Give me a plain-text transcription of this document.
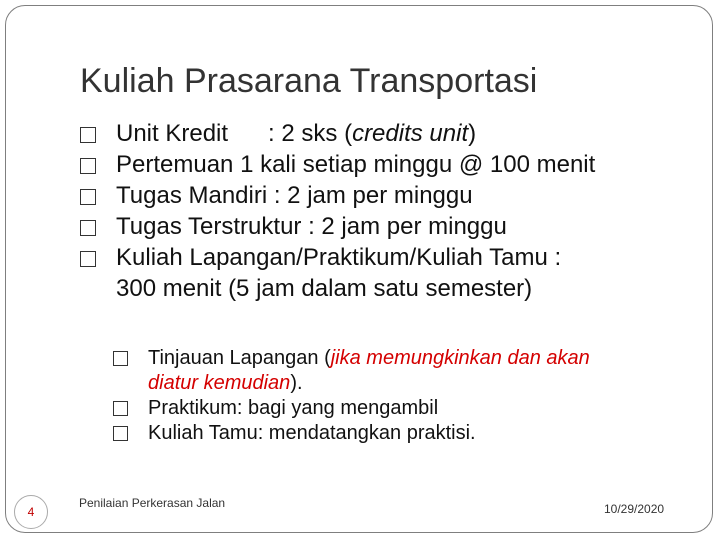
Kuliah Prasarana Transportasi
Unit Kredit      : 2 sks (credits unit)
Pertemuan 1 kali setiap minggu @ 100 menit
Tugas Mandiri : 2 jam per minggu
Tugas Terstruktur : 2 jam per minggu
Kuliah Lapangan/Praktikum/Kuliah Tamu :
300 menit (5 jam dalam satu semester)
Tinjauan Lapangan (jika memungkinkan dan akan
diatur kemudian).
Praktikum: bagi yang mengambil
Kuliah Tamu: mendatangkan praktisi.
4
Penilaian Perkerasan Jalan	10/29/2020
